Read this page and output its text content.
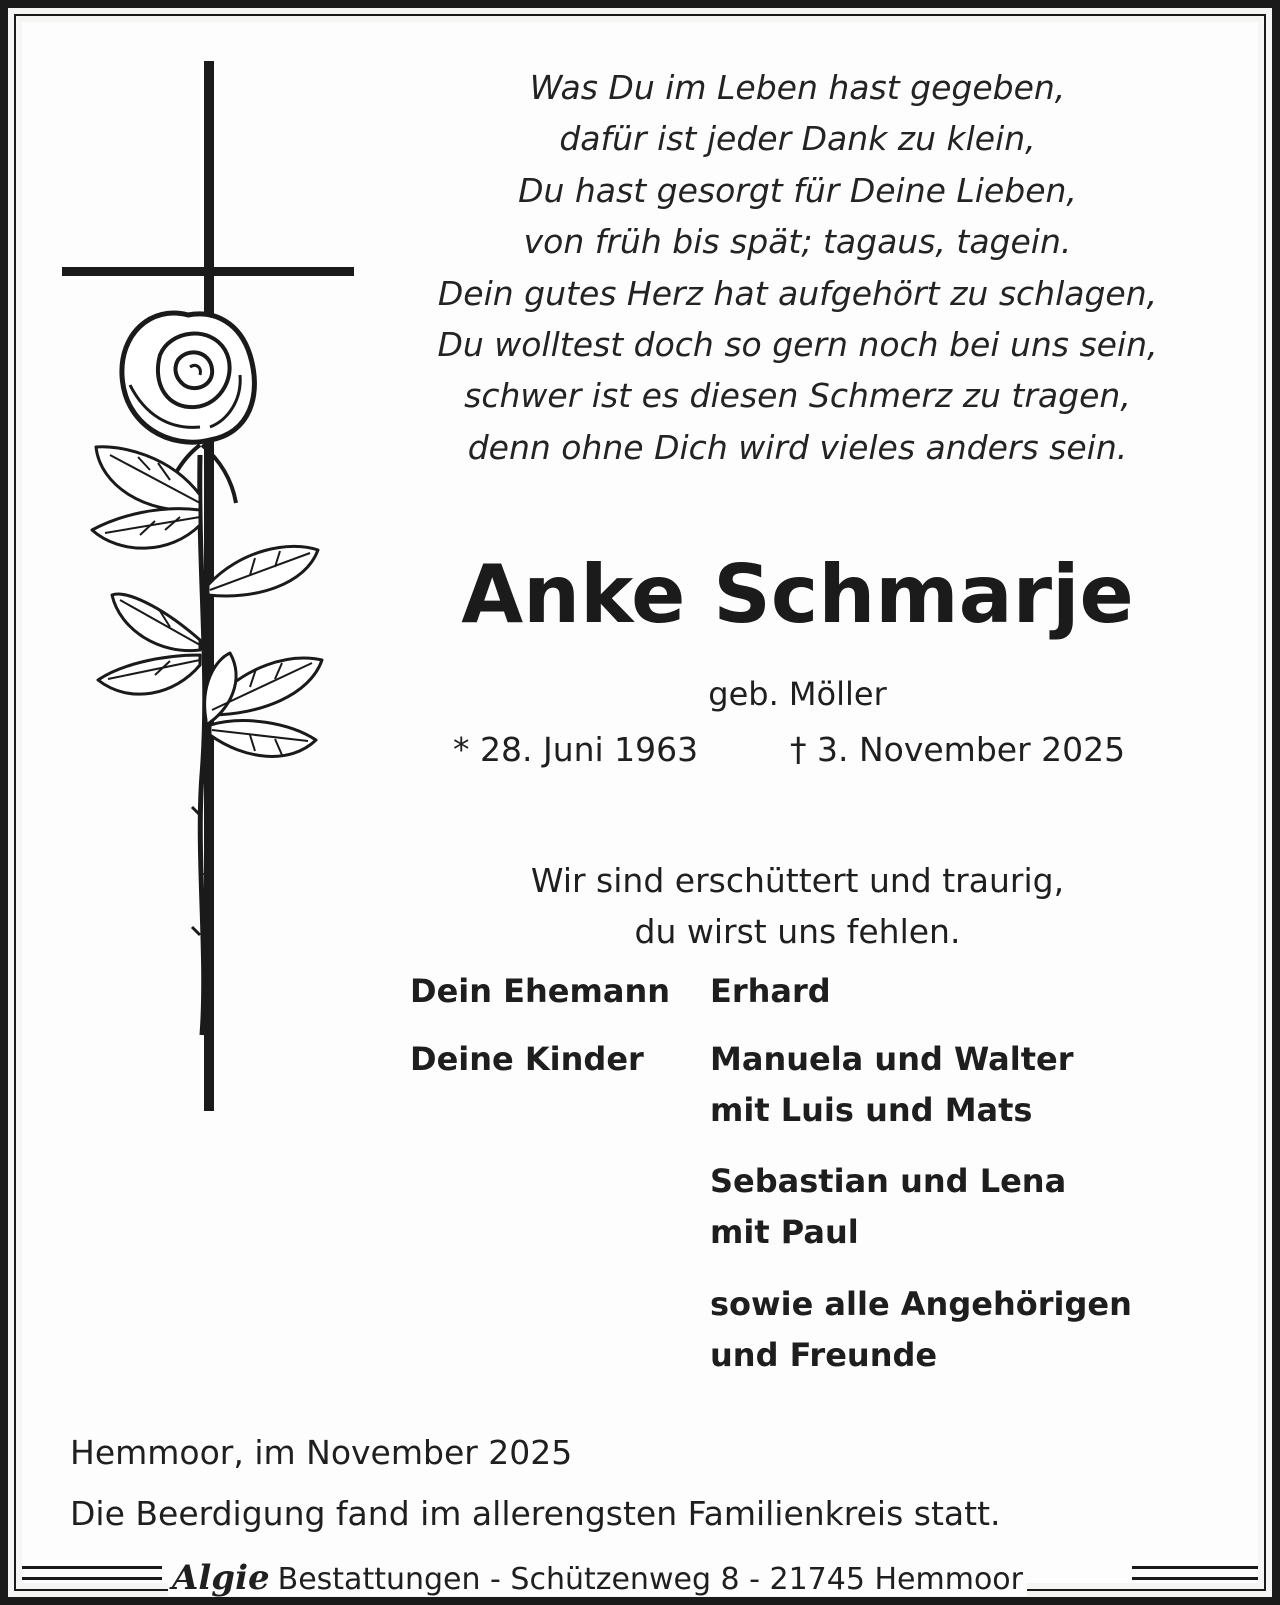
Was Du im Leben hast gegeben,
dafür ist jeder Dank zu klein,
Du hast gesorgt für Deine Lieben,
von früh bis spät; tagaus, tagein.
Dein gutes Herz hat aufgehört zu schlagen,
Du wolltest doch so gern noch bei uns sein,
schwer ist es diesen Schmerz zu tragen,
denn ohne Dich wird vieles anders sein.
Anke Schmarje
geb. Möller
* 28. Juni 1963	† 3. November 2025
Wir sind erschüttert und traurig,
du wirst uns fehlen.
Dein Ehemann Erhard
Deine Kinder Manuela und Walter
mit Luis und Mats
Sebastian und Lena
mit Paul
sowie alle Angehörigen
und Freunde
Hemmoor, im November 2025
Die Beerdigung fand im allerengsten Familienkreis statt.
Algie Bestattungen - Schützenweg 8 - 21745 Hemmoor
